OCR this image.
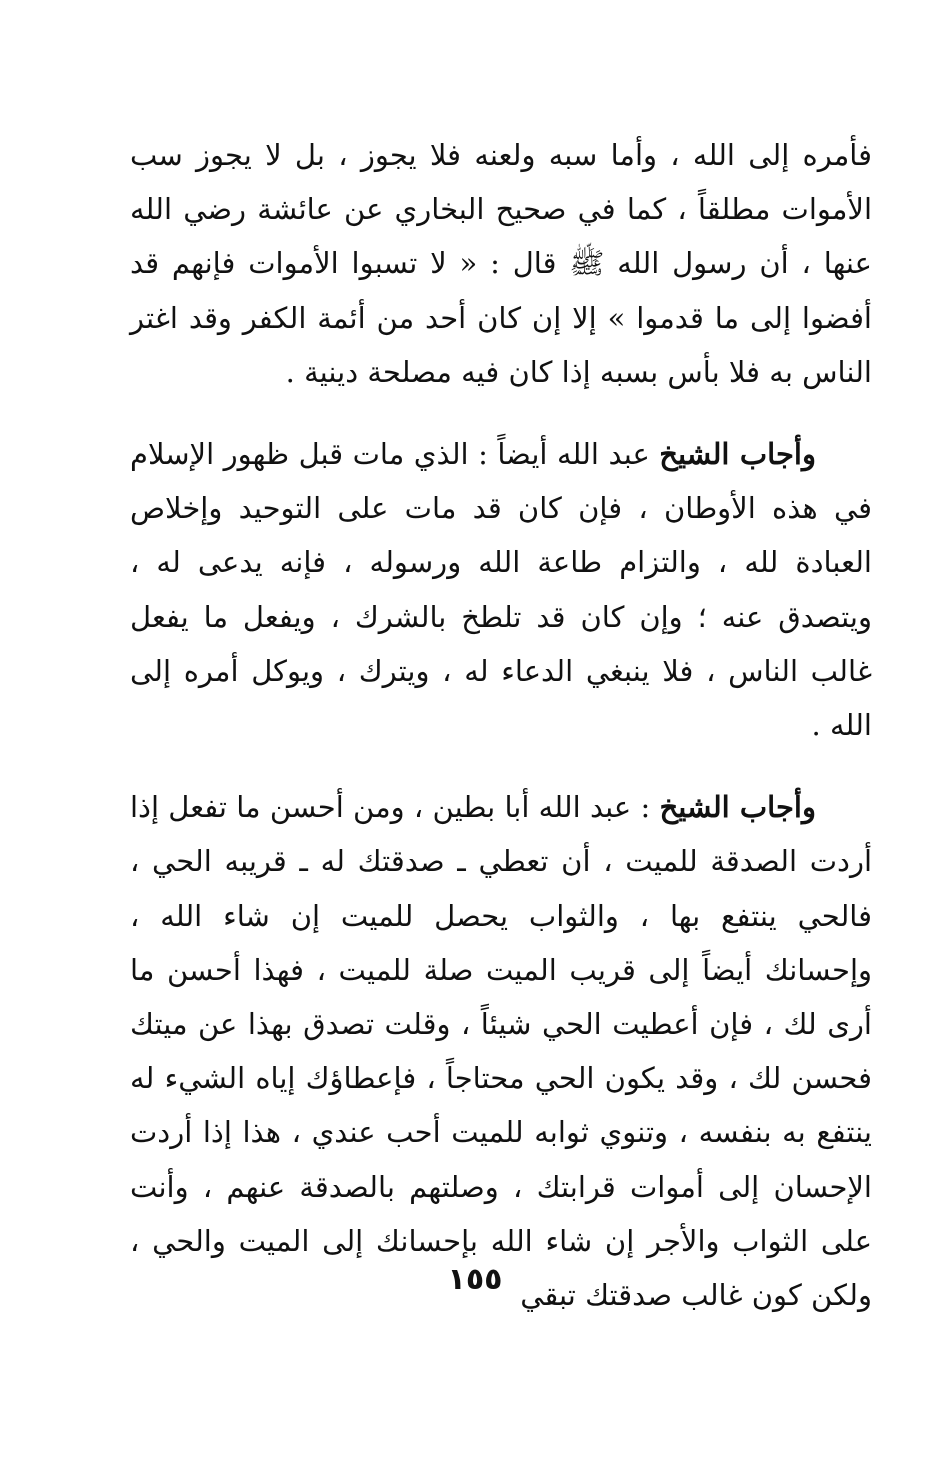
فأمره إلى الله ، وأما سبه ولعنه فلا يجوز ، بل لا يجوز سب الأموات مطلقاً ، كما في صحيح البخاري عن عائشة رضي الله عنها ، أن رسول الله ﷺ قال : « لا تسبوا الأموات فإنهم قد أفضوا إلى ما قدموا » إلا إن كان أحد من أئمة الكفر وقد اغتر الناس به فلا بأس بسبه إذا كان فيه مصلحة دينية .

وأجاب الشيخ عبد الله أيضاً : الذي مات قبل ظهور الإسلام في هذه الأوطان ، فإن كان قد مات على التوحيد وإخلاص العبادة لله ، والتزام طاعة الله ورسوله ، فإنه يدعى له ، ويتصدق عنه ؛ وإن كان قد تلطخ بالشرك ، ويفعل ما يفعل غالب الناس ، فلا ينبغي الدعاء له ، ويترك ، ويوكل أمره إلى الله .

وأجاب الشيخ : عبد الله أبا بطين ، ومن أحسن ما تفعل إذا أردت الصدقة للميت ، أن تعطي ـ صدقتك له ـ قريبه الحي ، فالحي ينتفع بها ، والثواب يحصل للميت إن شاء الله ، وإحسانك أيضاً إلى قريب الميت صلة للميت ، فهذا أحسن ما أرى لك ، فإن أعطيت الحي شيئاً ، وقلت تصدق بهذا عن ميتك فحسن لك ، وقد يكون الحي محتاجاً ، فإعطاؤك إياه الشيء له ينتفع به بنفسه ، وتنوي ثوابه للميت أحب عندي ، هذا إذا أردت الإحسان إلى أموات قرابتك ، وصلتهم بالصدقة عنهم ، وأنت على الثواب والأجر إن شاء الله بإحسانك إلى الميت والحي ، ولكن كون غالب صدقتك تبقي

١٥٥
